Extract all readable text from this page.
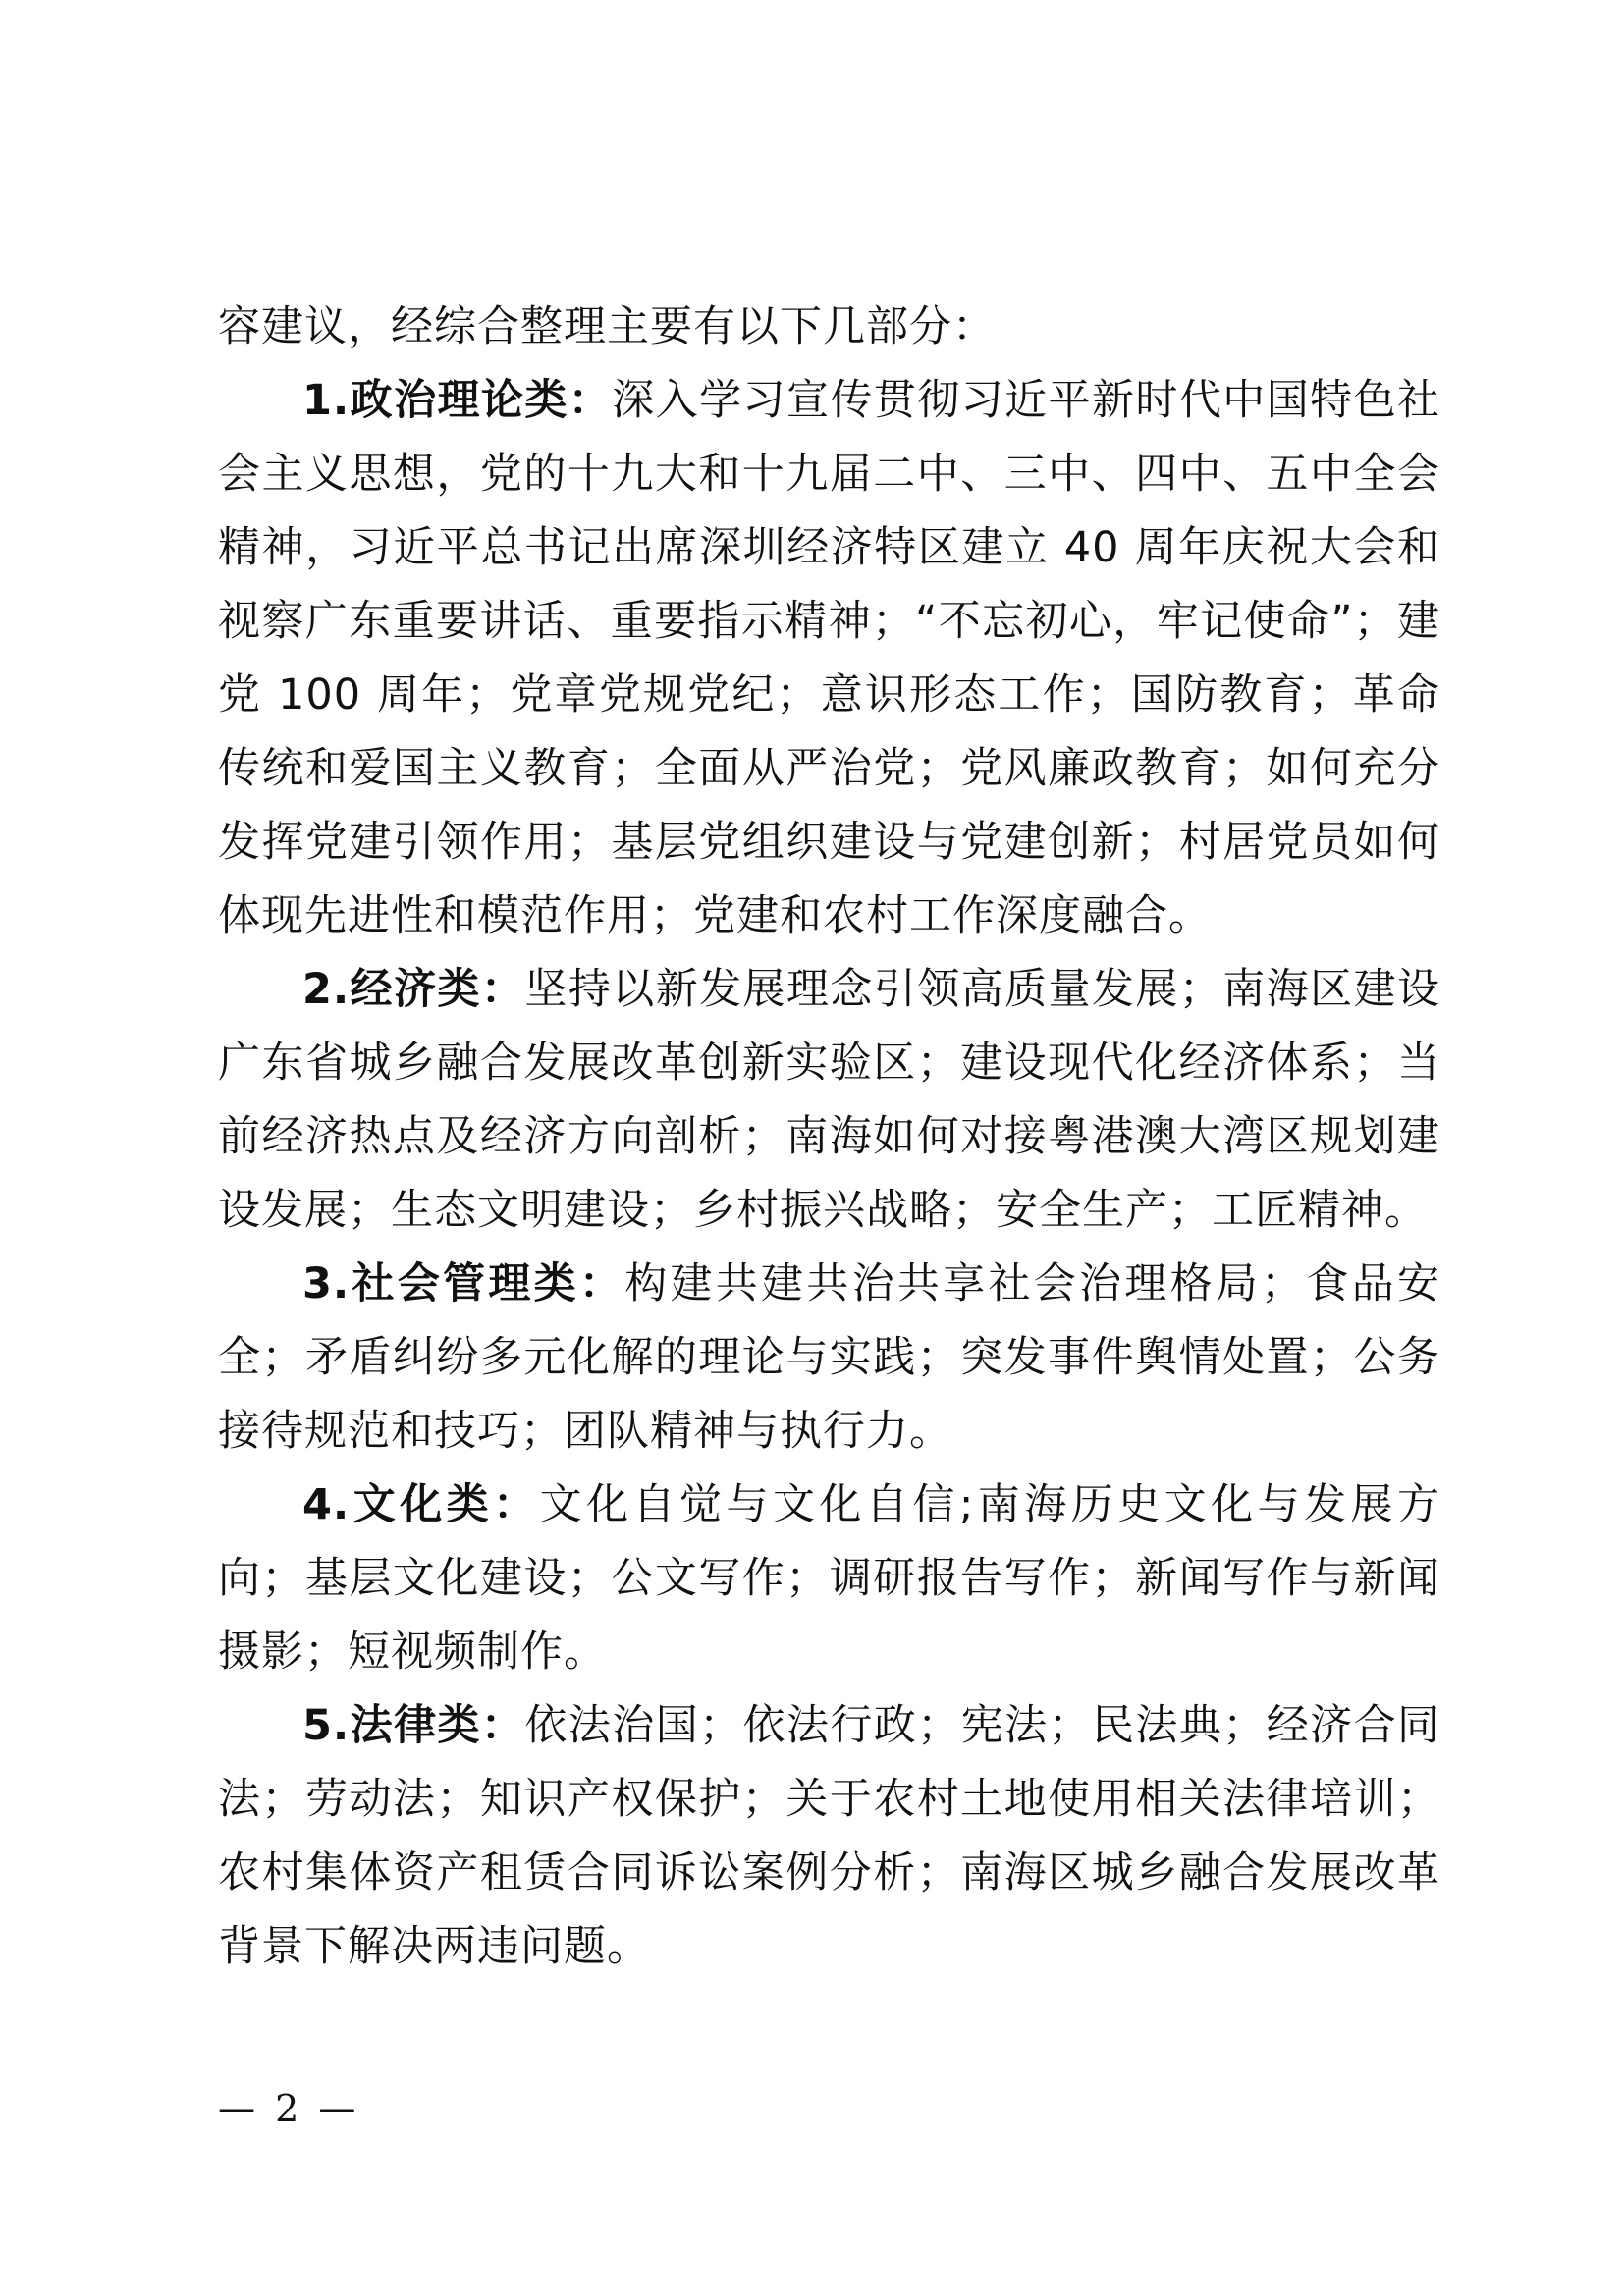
容建议，经综合整理主要有以下几部分：

1.政治理论类：深入学习宣传贯彻习近平新时代中国特色社会主义思想，党的十九大和十九届二中、三中、四中、五中全会精神，习近平总书记出席深圳经济特区建立 40 周年庆祝大会和视察广东重要讲话、重要指示精神；“不忘初心，牢记使命”；建党 100 周年；党章党规党纪；意识形态工作；国防教育；革命传统和爱国主义教育；全面从严治党；党风廉政教育；如何充分发挥党建引领作用；基层党组织建设与党建创新；村居党员如何体现先进性和模范作用；党建和农村工作深度融合。

2.经济类：坚持以新发展理念引领高质量发展；南海区建设广东省城乡融合发展改革创新实验区；建设现代化经济体系；当前经济热点及经济方向剖析；南海如何对接粤港澳大湾区规划建设发展；生态文明建设；乡村振兴战略；安全生产；工匠精神。

3.社会管理类：构建共建共治共享社会治理格局；食品安全；矛盾纠纷多元化解的理论与实践；突发事件舆情处置；公务接待规范和技巧；团队精神与执行力。

4.文化类：文化自觉与文化自信;南海历史文化与发展方向；基层文化建设；公文写作；调研报告写作；新闻写作与新闻摄影；短视频制作。

5.法律类：依法治国；依法行政；宪法；民法典；经济合同法；劳动法；知识产权保护；关于农村土地使用相关法律培训；农村集体资产租赁合同诉讼案例分析；南海区城乡融合发展改革背景下解决两违问题。

— 2 —
